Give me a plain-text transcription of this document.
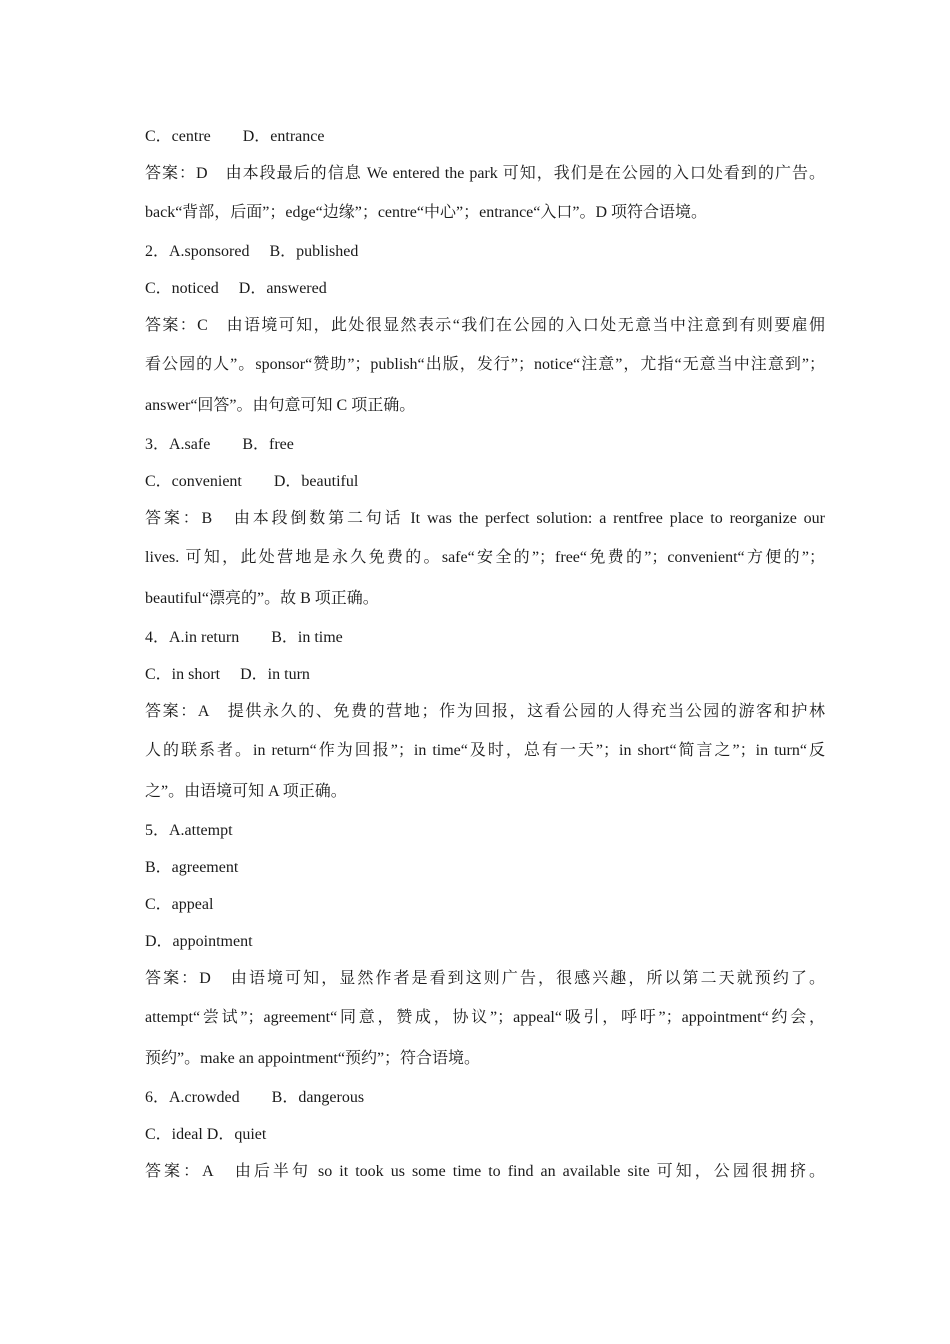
C．centre　　D．entrance
答案：D　由本段最后的信息 We entered the park 可知，我们是在公园的入口处看到的广告。
back“背部，后面”；edge“边缘”；centre“中心”；entrance“入口”。D 项符合语境。
2．A.sponsored　 B．published
C．noticed　 D．answered
答案：C　由语境可知，此处很显然表示“我们在公园的入口处无意当中注意到有则要雇佣
看公园的人”。sponsor“赞助”；publish“出版，发行”；notice“注意”，尤指“无意当中注意到”；
answer“回答”。由句意可知 C 项正确。
3．A.safe　　B．free
C．convenient　　D．beautiful
答案：B　由本段倒数第二句话 It was the perfect solution: a rentfree place to reorganize our
lives. 可知，此处营地是永久免费的。safe“安全的”；free“免费的”；convenient“方便的”；
beautiful“漂亮的”。故 B 项正确。
4．A.in return　　B．in time
C．in short　 D．in turn
答案：A　提供永久的、免费的营地；作为回报，这看公园的人得充当公园的游客和护林
人的联系者。in return“作为回报”；in time“及时，总有一天”；in short“简言之”；in turn“反
之”。由语境可知 A 项正确。
5．A.attempt
B．agreement
C．appeal
D．appointment
答案：D　由语境可知，显然作者是看到这则广告，很感兴趣，所以第二天就预约了。
attempt“尝试”；agreement“同意，赞成，协议”；appeal“吸引，呼吁”；appointment“约会，
预约”。make an appointment“预约”；符合语境。
6．A.crowded　　B．dangerous
C．ideal D．quiet
答案：A　由后半句 so it took us some time to find an available site 可知，公园很拥挤。
